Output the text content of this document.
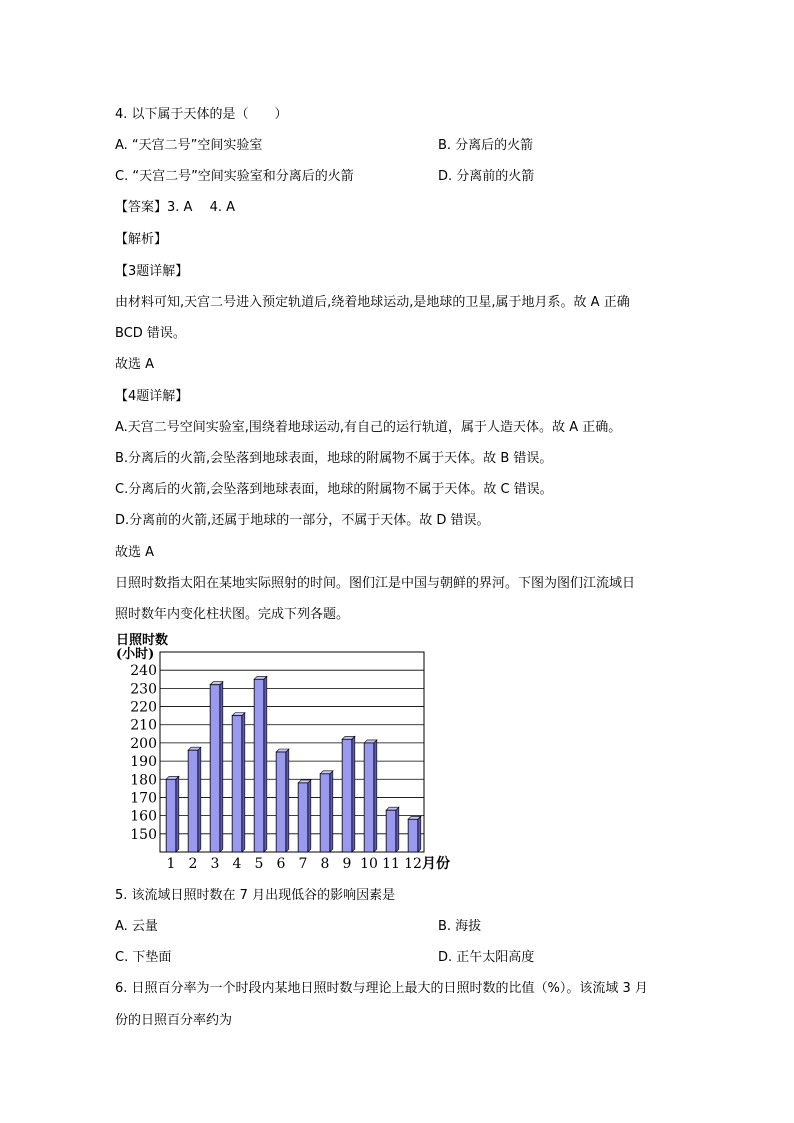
4. 以下属于天体的是（　　）
A. “天宫二号”空间实验室	B. 分离后的火箭
C. “天宫二号”空间实验室和分离后的火箭	D. 分离前的火箭
【答案】3. A　 4. A
【解析】
【3题详解】
由材料可知,天宫二号进入预定轨道后,绕着地球运动,是地球的卫星,属于地月系。故 A 正确
BCD 错误。
故选 A
【4题详解】
A.天宫二号空间实验室,围绕着地球运动,有自己的运行轨道，属于人造天体。故 A 正确。
B.分离后的火箭,会坠落到地球表面，地球的附属物不属于天体。故 B 错误。
C.分离后的火箭,会坠落到地球表面，地球的附属物不属于天体。故 C 错误。
D.分离前的火箭,还属于地球的一部分，不属于天体。故 D 错误。
故选 A
日照时数指太阳在某地实际照射的时间。图们江是中国与朝鲜的界河。下图为图们江流域日
照时数年内变化柱状图。完成下列各题。
日照时数
(小时)
150
160
170
180
190
200
210
220
230
240
1 2 3 4 5 6 7 8 9 10 11 12 月份
5. 该流域日照时数在 7 月出现低谷的影响因素是
A. 云量	B. 海拔
C. 下垫面	D. 正午太阳高度
6. 日照百分率为一个时段内某地日照时数与理论上最大的日照时数的比值（%）。该流域 3 月
份的日照百分率约为
